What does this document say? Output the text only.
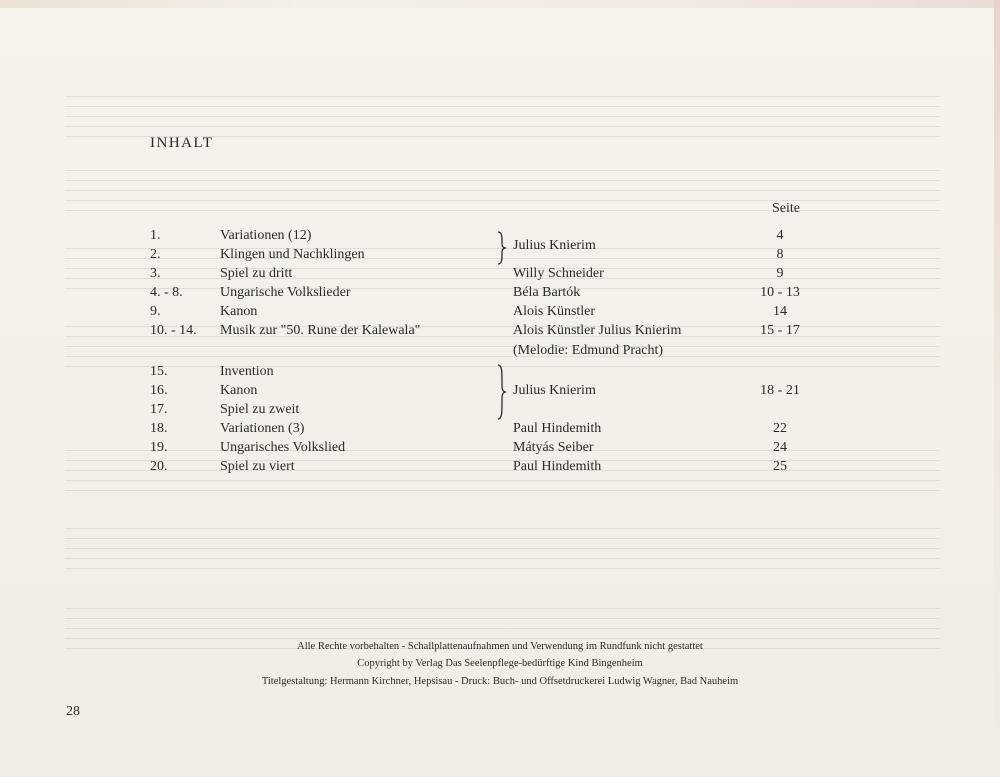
INHALT
Seite
1.	Variationen (12)	4
2.	Klingen und Nachklingen	8
Julius Knierim
3.	Spiel zu dritt	Willy Schneider	9
4. - 8.	Ungarische Volkslieder	Béla Bartók	10 - 13
9.	Kanon	Alois Künstler	14
10. - 14. Musik zur "50. Rune der Kalewala"	Alois Künstler Julius Knierim	15 - 17
(Melodie: Edmund Pracht)
15.	Invention
16.	Kanon	Julius Knierim	18 - 21
17.	Spiel zu zweit
18.	Variationen (3)	Paul Hindemith	22
19.	Ungarisches Volkslied	Mátyás Seiber	24
20.	Spiel zu viert	Paul Hindemith	25
Alle Rechte vorbehalten - Schallplattenaufnahmen und Verwendung im Rundfunk nicht gestattet
Copyright by Verlag Das Seelenpflege-bedürftige Kind Bingenheim
Titelgestaltung: Hermann Kirchner, Hepsisau - Druck: Buch- und Offsetdruckerei Ludwig Wagner, Bad Nauheim
28
